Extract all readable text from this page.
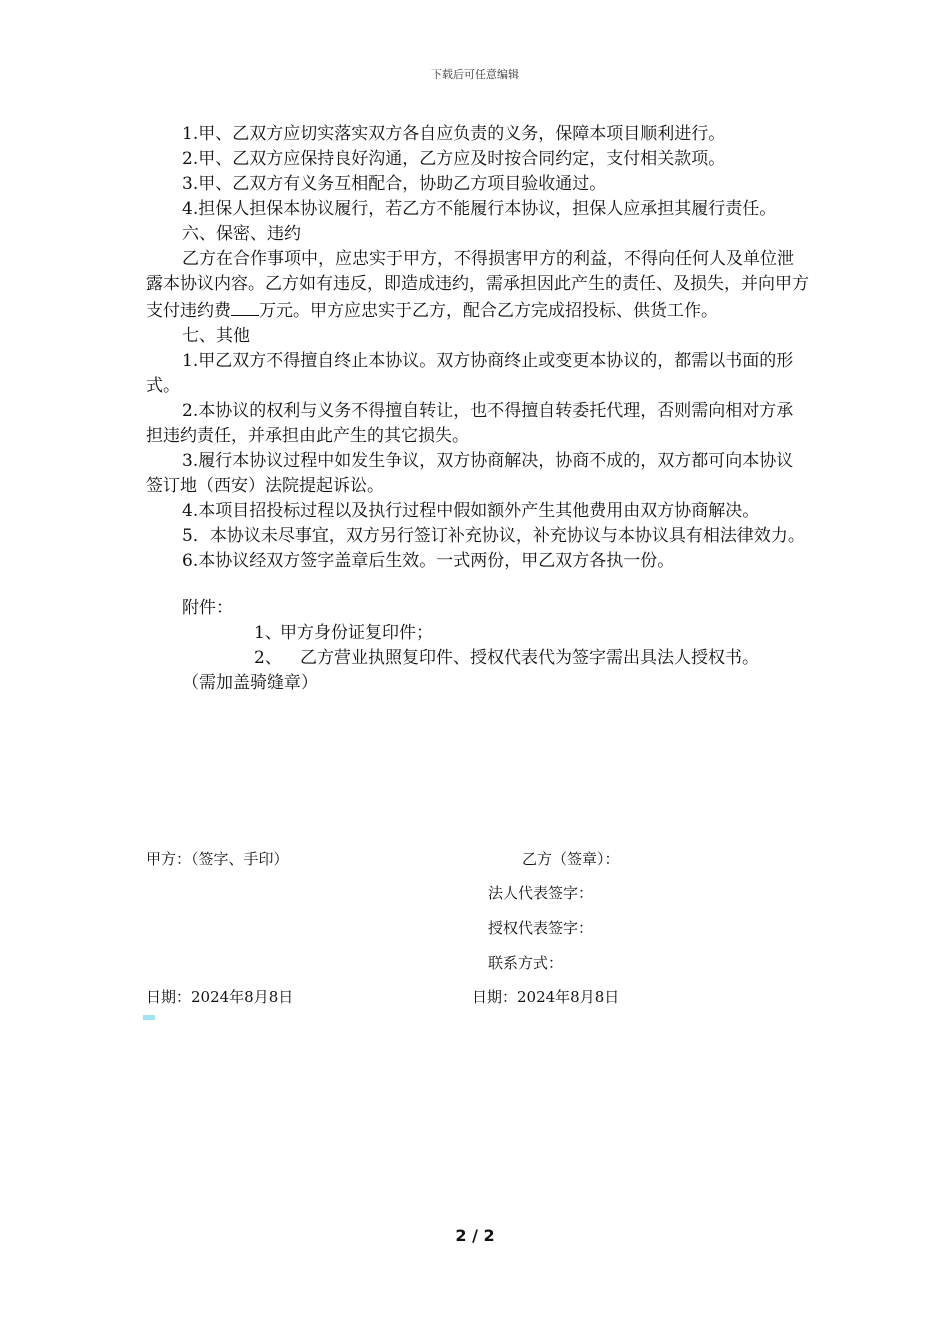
下载后可任意编辑

1.甲、乙双方应切实落实双方各自应负责的义务，保障本项目顺利进行。

2.甲、乙双方应保持良好沟通，乙方应及时按合同约定，支付相关款项。

3.甲、乙双方有义务互相配合，协助乙方项目验收通过。

4.担保人担保本协议履行，若乙方不能履行本协议，担保人应承担其履行责任。

六、保密、违约

乙方在合作事项中，应忠实于甲方，不得损害甲方的利益，不得向任何人及单位泄露本协议内容。乙方如有违反，即造成违约，需承担因此产生的责任、及损失，并向甲方支付违约费 万元。甲方应忠实于乙方，配合乙方完成招投标、供货工作。

七、其他

1.甲乙双方不得擅自终止本协议。双方协商终止或变更本协议的，都需以书面的形式。

2.本协议的权利与义务不得擅自转让，也不得擅自转委托代理，否则需向相对方承担违约责任，并承担由此产生的其它损失。

3.履行本协议过程中如发生争议，双方协商解决，协商不成的，双方都可向本协议签订地（西安）法院提起诉讼。

4.本项目招投标过程以及执行过程中假如额外产生其他费用由双方协商解决。

5．本协议未尽事宜，双方另行签订补充协议，补充协议与本协议具有相法律效力。

6.本协议经双方签字盖章后生效。一式两份，甲乙双方各执一份。

附件：

1、甲方身份证复印件；

2、 乙方营业执照复印件、授权代表代为签字需出具法人授权书。

（需加盖骑缝章）

甲方：（签字、手印）	乙方（签章）：
法人代表签字：
授权代表签字：
联系方式：
日期：2024年8月8日	日期：2024年8月8日
2 / 2
